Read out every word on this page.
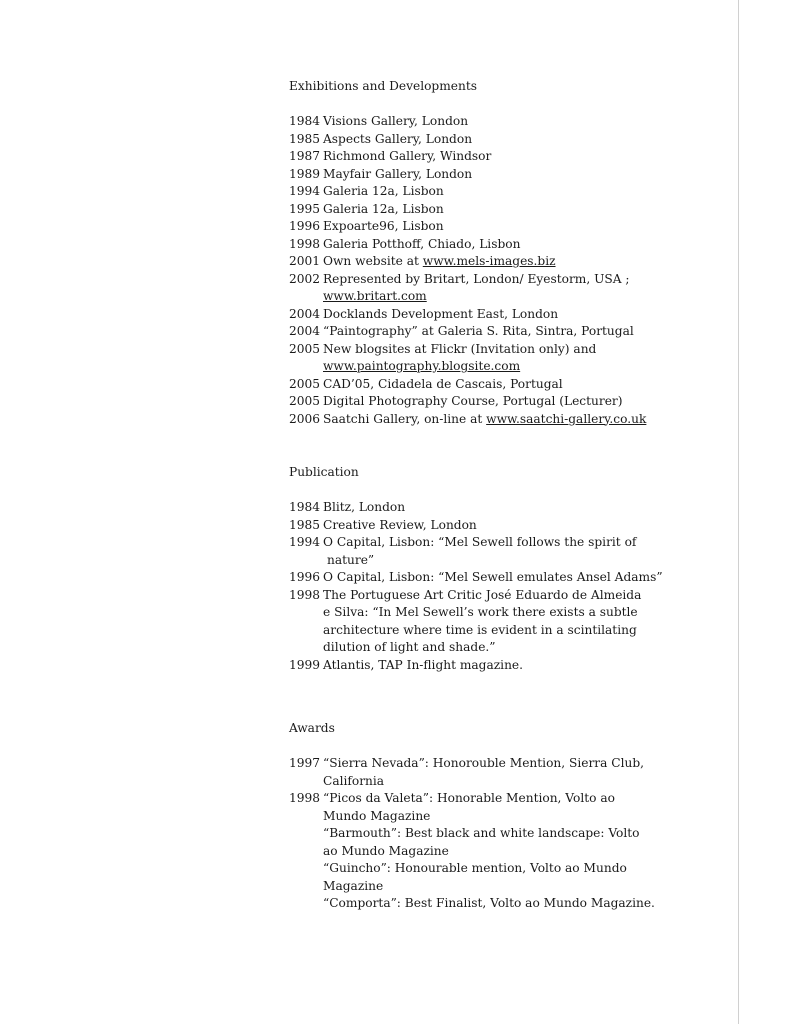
Exhibitions and Developments
1984 Visions Gallery, London
1985 Aspects Gallery, London
1987 Richmond Gallery, Windsor
1989 Mayfair Gallery, London
1994 Galeria 12a, Lisbon
1995 Galeria 12a, Lisbon
1996 Expoarte96, Lisbon
1998 Galeria Potthoff, Chiado, Lisbon
2001 Own website at www.mels-images.biz
2002 Represented by Britart, London/ Eyestorm, USA ;
www.britart.com
2004 Docklands Development East, London
2004 “Paintography” at Galeria S. Rita, Sintra, Portugal
2005 New blogsites at Flickr (Invitation only) and
www.paintography.blogsite.com
2005 CAD’05, Cidadela de Cascais, Portugal
2005 Digital Photography Course, Portugal (Lecturer)
2006 Saatchi Gallery, on-line at www.saatchi-gallery.co.uk
Publication
1984 Blitz, London
1985 Creative Review, London
1994 O Capital, Lisbon: “Mel Sewell follows the spirit of
nature”
1996 O Capital, Lisbon: “Mel Sewell emulates Ansel Adams”
1998 The Portuguese Art Critic José Eduardo de Almeida
e Silva: “In Mel Sewell’s work there exists a subtle
architecture where time is evident in a scintilating
dilution of light and shade.”
1999 Atlantis, TAP In-flight magazine.
Awards
1997 “Sierra Nevada”: Honorouble Mention, Sierra Club,
California
1998 “Picos da Valeta”: Honorable Mention, Volto ao
Mundo Magazine
“Barmouth”: Best black and white landscape: Volto
ao Mundo Magazine
“Guincho”: Honourable mention, Volto ao Mundo
Magazine
“Comporta”: Best Finalist, Volto ao Mundo Magazine.
